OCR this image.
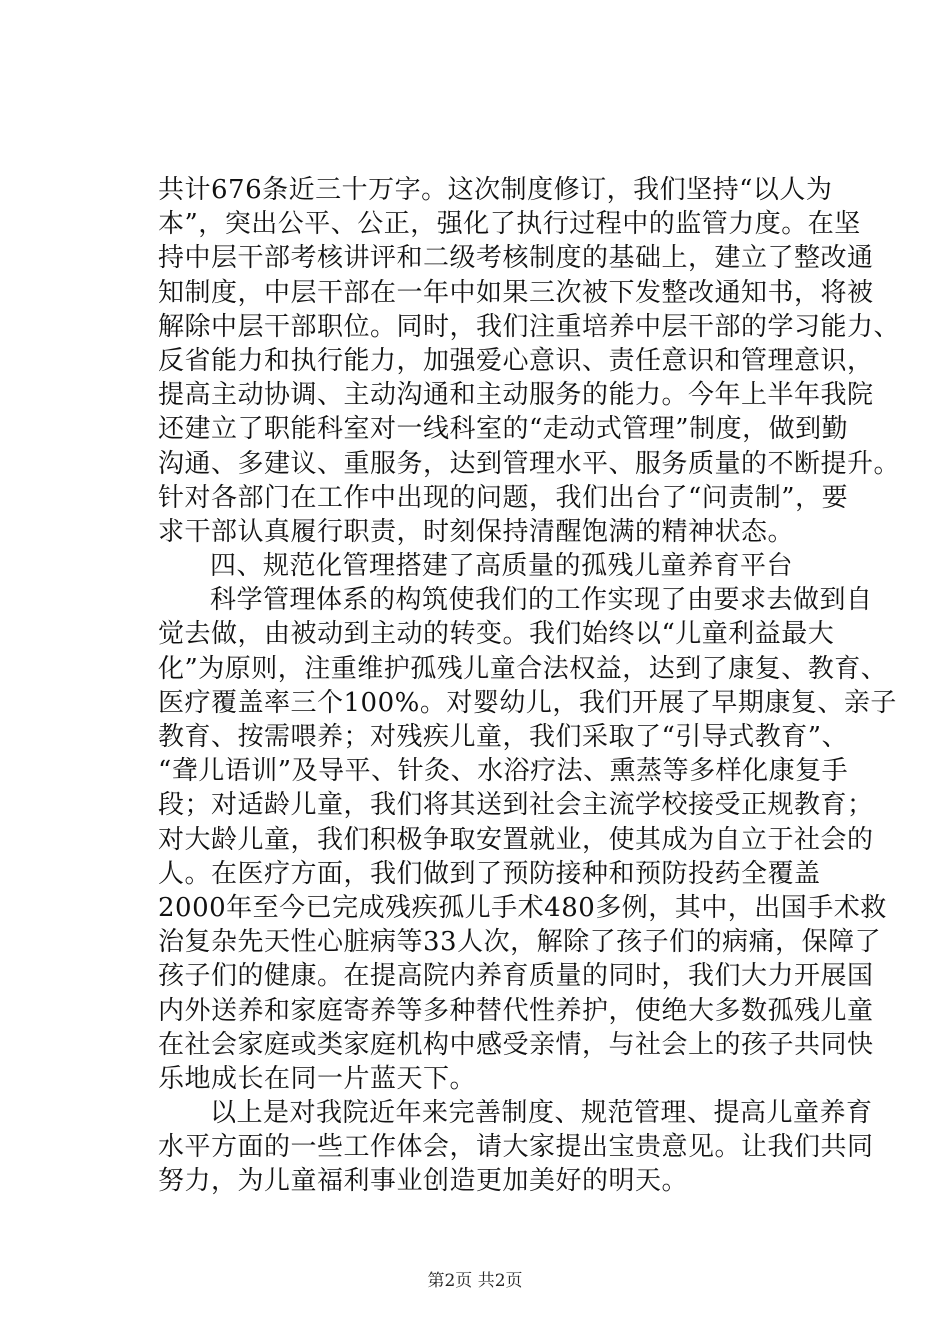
共计676条近三十万字。这次制度修订，我们坚持“以人为
本”，突出公平、公正，强化了执行过程中的监管力度。在坚
持中层干部考核讲评和二级考核制度的基础上，建立了整改通
知制度，中层干部在一年中如果三次被下发整改通知书，将被
解除中层干部职位。同时，我们注重培养中层干部的学习能力、
反省能力和执行能力，加强爱心意识、责任意识和管理意识，
提高主动协调、主动沟通和主动服务的能力。今年上半年我院
还建立了职能科室对一线科室的“走动式管理”制度，做到勤
沟通、多建议、重服务，达到管理水平、服务质量的不断提升。
针对各部门在工作中出现的问题，我们出台了“问责制”，要
求干部认真履行职责，时刻保持清醒饱满的精神状态。
四、规范化管理搭建了高质量的孤残儿童养育平台
科学管理体系的构筑使我们的工作实现了由要求去做到自
觉去做，由被动到主动的转变。我们始终以“儿童利益最大
化”为原则，注重维护孤残儿童合法权益，达到了康复、教育、
医疗覆盖率三个100%。对婴幼儿，我们开展了早期康复、亲子
教育、按需喂养；对残疾儿童，我们采取了“引导式教育”、
“聋儿语训”及导平、针灸、水浴疗法、熏蒸等多样化康复手
段；对适龄儿童，我们将其送到社会主流学校接受正规教育；
对大龄儿童，我们积极争取安置就业，使其成为自立于社会的
人。在医疗方面，我们做到了预防接种和预防投药全覆盖
2000年至今已完成残疾孤儿手术480多例，其中，出国手术救
治复杂先天性心脏病等33人次，解除了孩子们的病痛，保障了
孩子们的健康。在提高院内养育质量的同时，我们大力开展国
内外送养和家庭寄养等多种替代性养护，使绝大多数孤残儿童
在社会家庭或类家庭机构中感受亲情，与社会上的孩子共同快
乐地成长在同一片蓝天下。
以上是对我院近年来完善制度、规范管理、提高儿童养育
水平方面的一些工作体会，请大家提出宝贵意见。让我们共同
努力，为儿童福利事业创造更加美好的明天。
第2页 共2页
